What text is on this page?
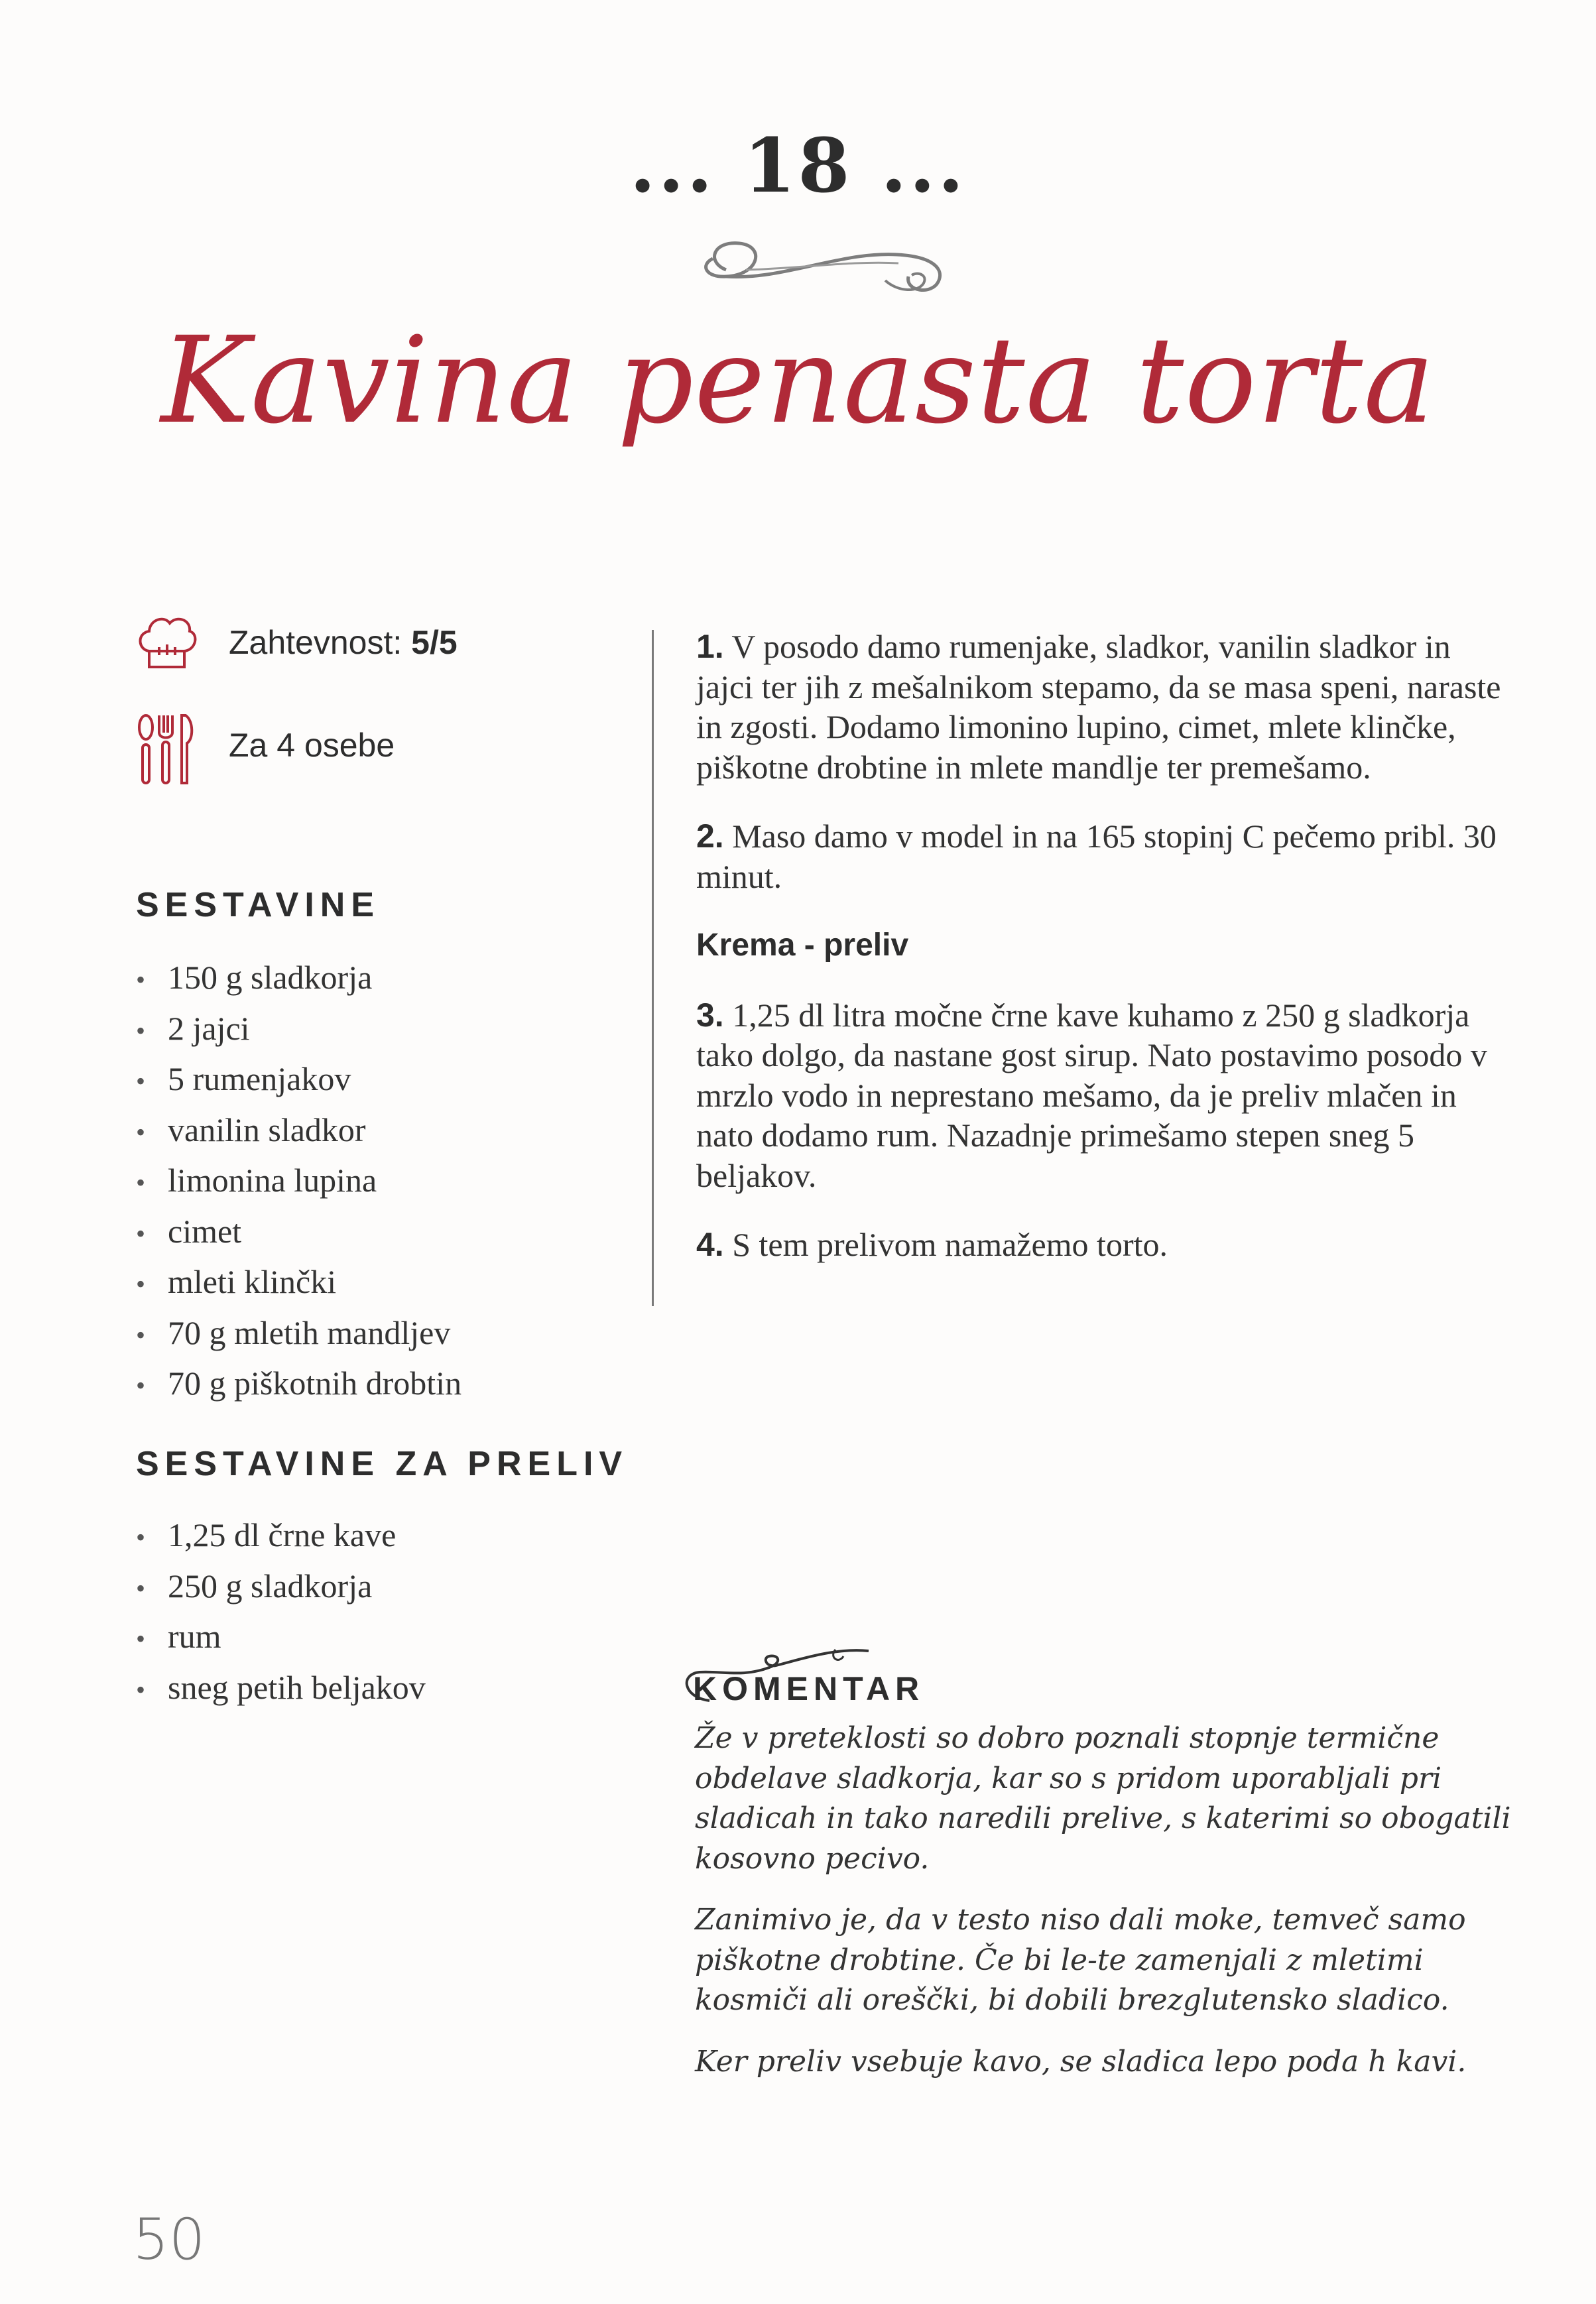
... 18 ...
Kavina penasta torta
Zahtevnost: 5/5
Za 4 osebe
SESTAVINE
• 150 g sladkorja
• 2 jajci
• 5 rumenjakov
• vanilin sladkor
• limonina lupina
• cimet
• mleti klinčki
• 70 g mletih mandljev
• 70 g piškotnih drobtin
SESTAVINE ZA PRELIV
• 1,25 dl črne kave
• 250 g sladkorja
• rum
• sneg petih beljakov

1. V posodo damo rumenjake, sladkor, vanilin sladkor in jajci ter jih z mešalnikom stepamo, da se masa speni, naraste in zgosti. Dodamo limonino lupino, cimet, mlete klinčke, piškotne drobtine in mlete mandlje ter premešamo.

2. Maso damo v model in na 165 stopinj C pečemo pribl. 30 minut.

Krema - preliv

3. 1,25 dl litra močne črne kave kuhamo z 250 g sladkorja tako dolgo, da nastane gost sirup. Nato postavimo posodo v mrzlo vodo in neprestano mešamo, da je preliv mlačen in nato dodamo rum. Nazadnje primešamo stepen sneg 5 beljakov.

4. S tem prelivom namažemo torto.

KOMENTAR

Že v preteklosti so dobro poznali stopnje termične obdelave sladkorja, kar so s pridom uporabljali pri sladicah in tako naredili prelive, s katerimi so obogatili kosovno pecivo.

Zanimivo je, da v testo niso dali moke, temveč samo piškotne drobtine. Če bi le-te zamenjali z mletimi kosmiči ali oreščki, bi dobili brezglutensko sladico.

Ker preliv vsebuje kavo, se sladica lepo poda h kavi.

50
